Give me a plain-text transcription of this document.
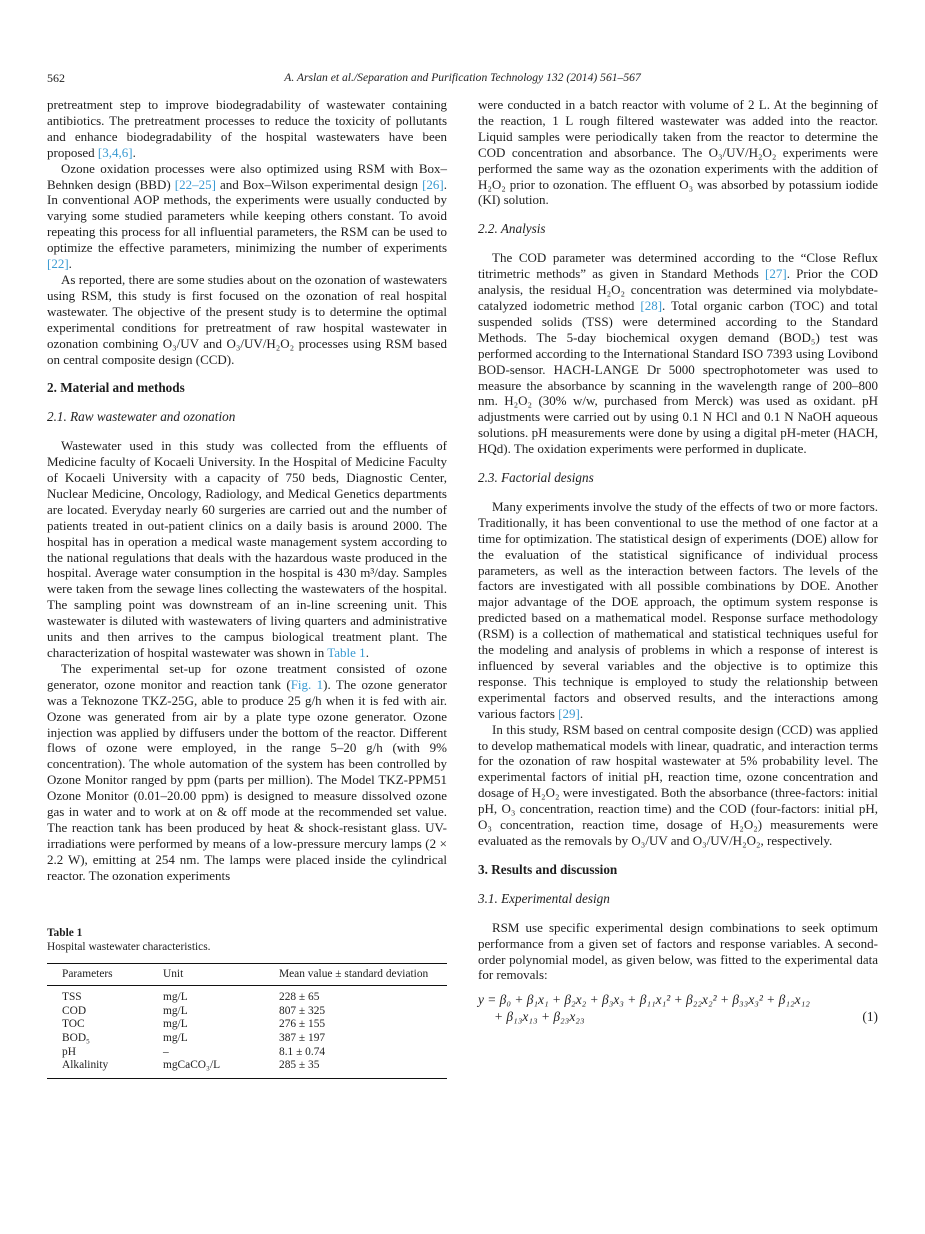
562	A. Arslan et al./Separation and Purification Technology 132 (2014) 561–567

pretreatment step to improve biodegradability of wastewater containing antibiotics. The pretreatment processes to reduce the toxicity of pollutants and enhance biodegradability of the hospital wastewaters have been proposed [3,4,6].

Ozone oxidation processes were also optimized using RSM with Box–Behnken design (BBD) [22–25] and Box–Wilson experimental design [26]. In conventional AOP methods, the experiments were usually conducted by varying some studied parameters while keeping others constant. To avoid repeating this process for all influential parameters, the RSM can be used to optimize the effective parameters, minimizing the number of experiments [22].

As reported, there are some studies about on the ozonation of wastewaters using RSM, this study is first focused on the ozonation of real hospital wastewater. The objective of the present study is to determine the optimal experimental conditions for pretreatment of raw hospital wastewater in ozonation combining O₃/UV and O₃/UV/H₂O₂ processes using RSM based on central composite design (CCD).

2. Material and methods
2.1. Raw wastewater and ozonation

Wastewater used in this study was collected from the effluents of Medicine faculty of Kocaeli University. In the Hospital of Medicine Faculty of Kocaeli University with a capacity of 750 beds, Diagnostic Center, Nuclear Medicine, Oncology, Radiology, and Medical Genetics departments are located. Everyday nearly 60 surgeries are carried out and the number of patients treated in out-patient clinics on a daily basis is around 2000. The hospital has in operation a medical waste management system according to the national regulations that deals with the hazardous waste produced in the hospital. Average water consumption in the hospital is 430 m³/day. Samples were taken from the sewage lines collecting the wastewaters of the hospital. The sampling point was downstream of an in-line screening unit. This wastewater is diluted with wastewaters of living quarters and administrative units and then arrives to the campus biological treatment plant. The characterization of hospital wastewater was shown in Table 1.

The experimental set-up for ozone treatment consisted of ozone generator, ozone monitor and reaction tank (Fig. 1). The ozone generator was a Teknozone TKZ-25G, able to produce 25 g/h when it is fed with air. Ozone was generated from air by a plate type ozone generator. Ozone injection was applied by diffusers under the bottom of the reactor. Different flows of ozone were employed, in the range 5–20 g/h (with 9% concentration). The whole automation of the system has been controlled by Ozone Monitor ranged by ppm (parts per million). The Model TKZ-PPM51 Ozone Monitor (0.01–20.00 ppm) is designed to measure dissolved ozone gas in water and to work at on & off mode at the recommended set value. The reaction tank has been produced by heat & shock-resistant glass. UV-irradiations were performed by means of a low-pressure mercury lamps (2 × 2.2 W), emitting at 254 nm. The lamps were placed inside the cylindrical reactor. The ozonation experiments

Table 1
Hospital wastewater characteristics.
Parameters	Unit	Mean value ± standard deviation
TSS	mg/L	228 ± 65
COD	mg/L	807 ± 325
TOC	mg/L	276 ± 155
BOD₅	mg/L	387 ± 197
pH	–	8.1 ± 0.74
Alkalinity	mgCaCO₃/L	285 ± 35

were conducted in a batch reactor with volume of 2 L. At the beginning of the reaction, 1 L rough filtered wastewater was added into the reactor. Liquid samples were periodically taken from the reactor to determine the COD concentration and absorbance. The O₃/UV/H₂O₂ experiments were performed the same way as the ozonation experiments with the addition of H₂O₂ prior to ozonation. The effluent O₃ was absorbed by potassium iodide (KI) solution.

2.2. Analysis

The COD parameter was determined according to the “Close Reflux titrimetric methods” as given in Standard Methods [27]. Prior the COD analysis, the residual H₂O₂ concentration was determined via molybdate-catalyzed iodometric method [28]. Total organic carbon (TOC) and total suspended solids (TSS) were determined according to the Standard Methods. The 5-day biochemical oxygen demand (BOD₅) test was performed according to the International Standard ISO 7393 using Lovibond BOD-sensor. HACH-LANGE Dr 5000 spectrophotometer was used to measure the absorbance by scanning in the wavelength range of 200–800 nm. H₂O₂ (30% w/w, purchased from Merck) was used as oxidant. pH adjustments were carried out by using 0.1 N HCl and 0.1 N NaOH aqueous solutions. pH measurements were done by using a digital pH-meter (HACH, HQd). The oxidation experiments were performed in duplicate.

2.3. Factorial designs

Many experiments involve the study of the effects of two or more factors. Traditionally, it has been conventional to use the method of one factor at a time for optimization. The statistical design of experiments (DOE) allow for the evaluation of the statistical significance of individual process parameters, as well as the interaction between factors. The levels of the factors are investigated with all possible combinations by DOE. Another major advantage of the DOE approach, the optimum system response is predicted based on a mathematical model. Response surface methodology (RSM) is a collection of mathematical and statistical techniques useful for the modeling and analysis of problems in which a response of interest is influenced by several variables and the objective is to optimize this response. This technique is employed to study the relationship between experimental factors and observed results, and the interactions among various factors [29].

In this study, RSM based on central composite design (CCD) was applied to develop mathematical models with linear, quadratic, and interaction terms for the ozonation of raw hospital wastewater at 5% probability level. The experimental factors of initial pH, reaction time, ozone concentration and dosage of H₂O₂ were investigated. Both the absorbance (three-factors: initial pH, O₃ concentration, reaction time) and the COD (four-factors: initial pH, O₃ concentration, reaction time, dosage of H₂O₂) measurements were evaluated as the removals by O₃/UV and O₃/UV/H₂O₂, respectively.

3. Results and discussion
3.1. Experimental design

RSM use specific experimental design combinations to seek optimum performance from a given set of factors and response variables. A second-order polynomial model, as given below, was fitted to the experimental data for removals:

y = β₀ + β₁x₁ + β₂x₂ + β₃x₃ + β₁₁x₁² + β₂₂x₂² + β₃₃x₃² + β₁₂x₁₂
+ β₁₃x₁₃ + β₂₃x₂₃	(1)
